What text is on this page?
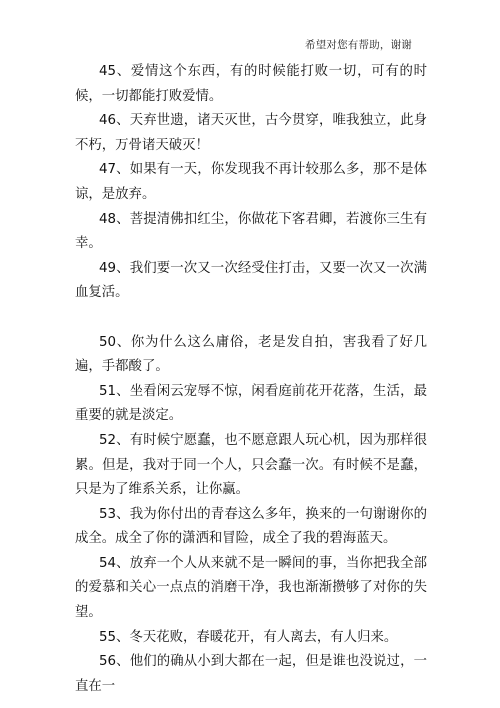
希望对您有帮助，谢谢

45、爱情这个东西，有的时候能打败一切，可有的时候，一切都能打败爱情。

46、天弃世遗，诸天灭世，古今贯穿，唯我独立，此身不朽，万骨诸天破灭！

47、如果有一天，你发现我不再计较那么多，那不是体谅，是放弃。

48、菩提清佛扣红尘，你做花下客君卿，若渡你三生有幸。

49、我们要一次又一次经受住打击，又要一次又一次满血复活。

50、你为什么这么庸俗，老是发自拍，害我看了好几遍，手都酸了。

51、坐看闲云宠辱不惊，闲看庭前花开花落，生活，最重要的就是淡定。

52、有时候宁愿蠢，也不愿意跟人玩心机，因为那样很累。但是，我对于同一个人，只会蠢一次。有时候不是蠢，只是为了维系关系，让你赢。

53、我为你付出的青春这么多年，换来的一句谢谢你的成全。成全了你的潇洒和冒险，成全了我的碧海蓝天。

54、放弃一个人从来就不是一瞬间的事，当你把我全部的爱慕和关心一点点的消磨干净，我也渐渐攒够了对你的失望。

55、冬天花败，春暖花开，有人离去，有人归来。

56、他们的确从小到大都在一起，但是谁也没说过，一直在一
